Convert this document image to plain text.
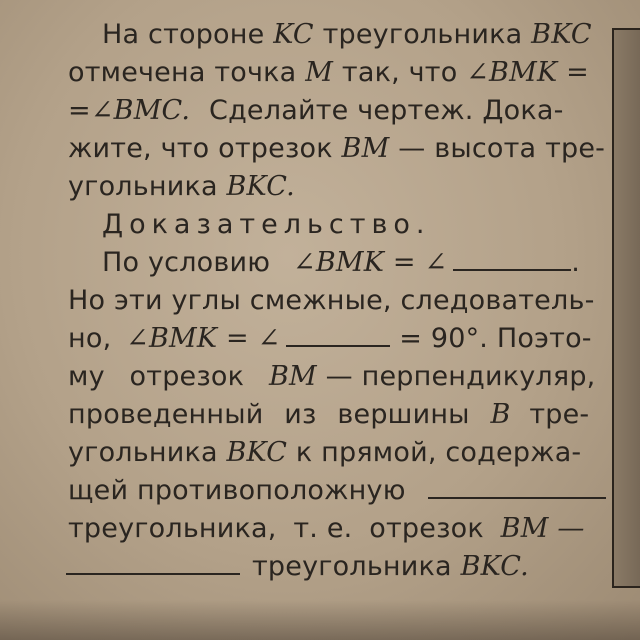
На стороне KC треугольника BKC
отмечена точка M так, что ∠BMK =
=∠BMC. Сделайте чертеж. Дока-
жите, что отрезок BM — высота тре-
угольника BKC.
Доказательство.
По условию ∠BMK = ∠	.
Но эти углы смежные, следователь-
но, ∠BMK = ∠	= 90°. Поэто-
му отрезок BM — перпендикуляр,
проведенный из вершины B тре-
угольника BKC к прямой, содержа-
щей противоположную
треугольника, т. е. отрезок BM —
треугольника BKC.
